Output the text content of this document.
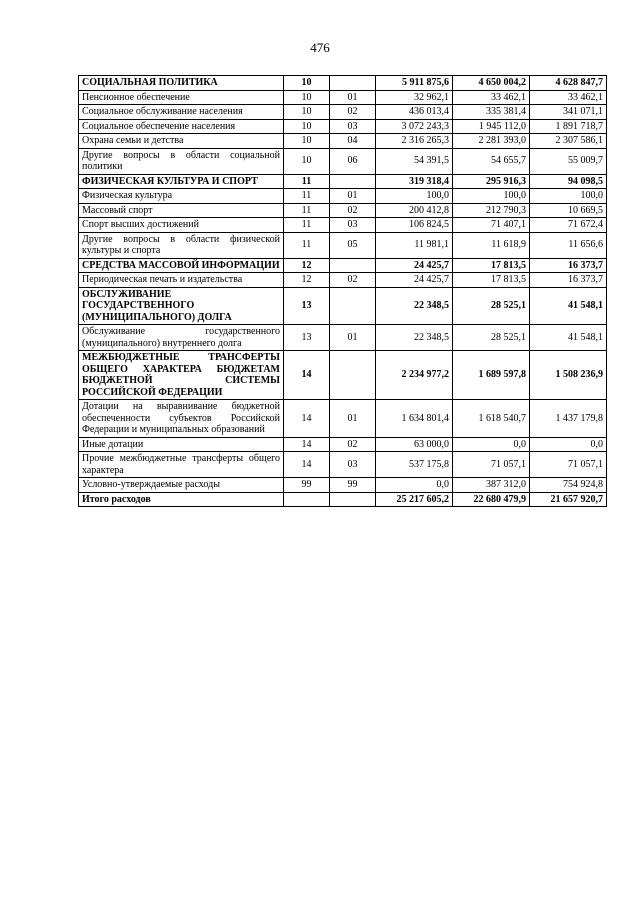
476
СОЦИАЛЬНАЯ ПОЛИТИКА	10		5 911 875,6	4 650 004,2	4 628 847,7
Пенсионное обеспечение	10	01	32 962,1	33 462,1	33 462,1
Социальное обслуживание населения	10	02	436 013,4	335 381,4	341 071,1
Социальное обеспечение населения	10	03	3 072 243,3	1 945 112,0	1 891 718,7
Охрана семьи и детства	10	04	2 316 265,3	2 281 393,0	2 307 586,1
Другие вопросы в области социальной политики	10	06	54 391,5	54 655,7	55 009,7
ФИЗИЧЕСКАЯ КУЛЬТУРА И СПОРТ	11		319 318,4	295 916,3	94 098,5
Физическая культура	11	01	100,0	100,0	100,0
Массовый спорт	11	02	200 412,8	212 790,3	10 669,5
Спорт высших достижений	11	03	106 824,5	71 407,1	71 672,4
Другие вопросы в области физической культуры и спорта	11	05	11 981,1	11 618,9	11 656,6
СРЕДСТВА МАССОВОЙ ИНФОРМАЦИИ	12		24 425,7	17 813,5	16 373,7
Периодическая печать и издательства	12	02	24 425,7	17 813,5	16 373,7
ОБСЛУЖИВАНИЕ ГОСУДАРСТВЕННОГО (МУНИЦИПАЛЬНОГО) ДОЛГА	13		22 348,5	28 525,1	41 548,1
Обслуживание государственного (муниципального) внутреннего долга	13	01	22 348,5	28 525,1	41 548,1
МЕЖБЮДЖЕТНЫЕ ТРАНСФЕРТЫ ОБЩЕГО ХАРАКТЕРА БЮДЖЕТАМ БЮДЖЕТНОЙ СИСТЕМЫ РОССИЙСКОЙ ФЕДЕРАЦИИ	14		2 234 977,2	1 689 597,8	1 508 236,9
Дотации на выравнивание бюджетной обеспеченности субъектов Российской Федерации и муниципальных образований	14	01	1 634 801,4	1 618 540,7	1 437 179,8
Иные дотации	14	02	63 000,0	0,0	0,0
Прочие межбюджетные трансферты общего характера	14	03	537 175,8	71 057,1	71 057,1
Условно-утверждаемые расходы	99	99	0,0	387 312,0	754 924,8
Итого расходов			25 217 605,2	22 680 479,9	21 657 920,7
